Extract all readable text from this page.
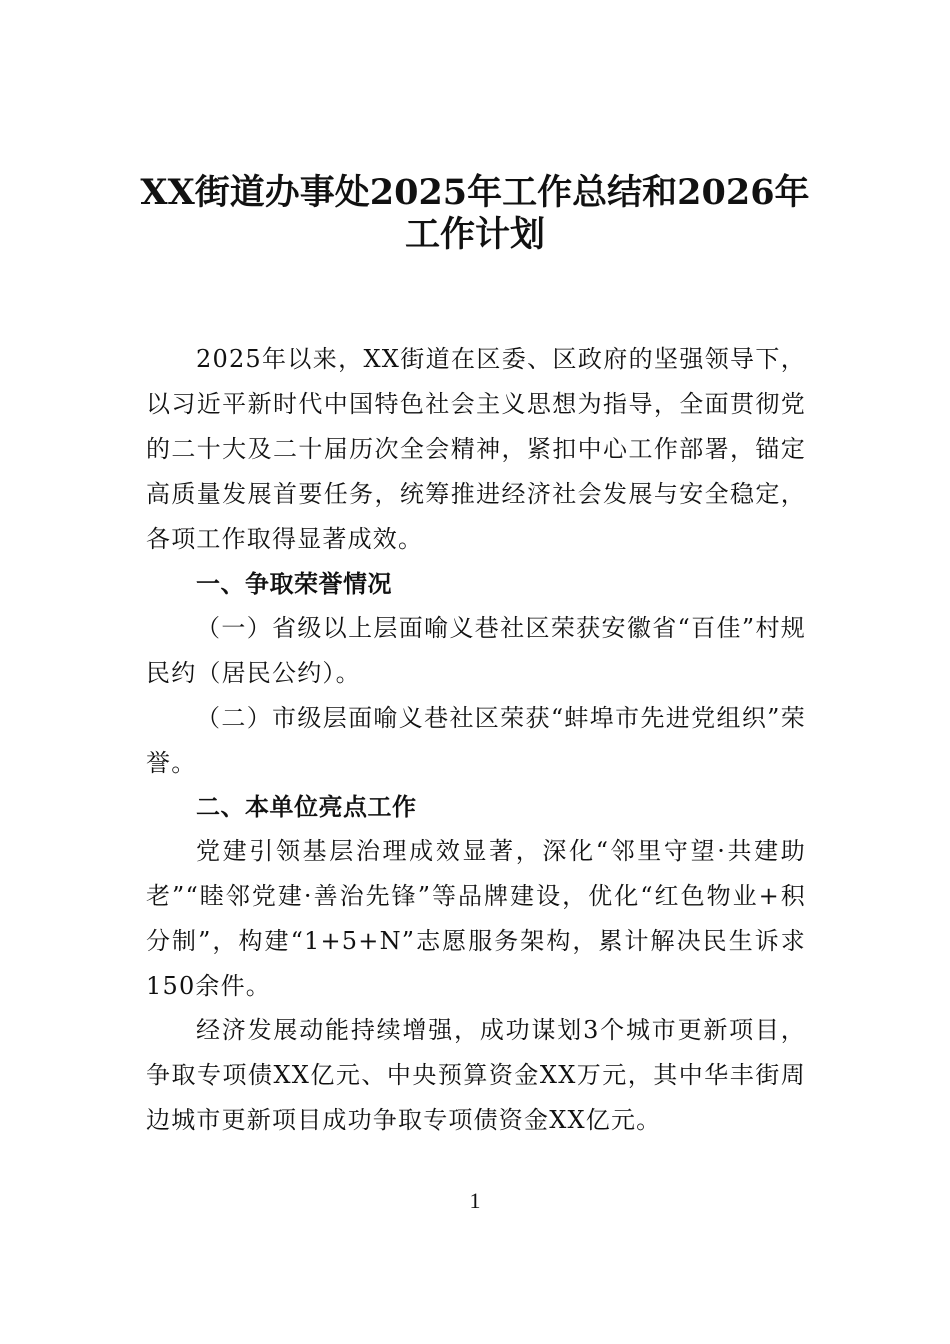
XX街道办事处2025年工作总结和2026年
工作计划

2025年以来，XX街道在区委、区政府的坚强领导下，以习近平新时代中国特色社会主义思想为指导，全面贯彻党的二十大及二十届历次全会精神，紧扣中心工作部署，锚定高质量发展首要任务，统筹推进经济社会发展与安全稳定，各项工作取得显著成效。

一、争取荣誉情况

（一）省级以上层面喻义巷社区荣获安徽省“百佳”村规民约（居民公约）。

（二）市级层面喻义巷社区荣获“蚌埠市先进党组织”荣誉。

二、本单位亮点工作

党建引领基层治理成效显著，深化“邻里守望·共建助老”“睦邻党建·善治先锋”等品牌建设，优化“红色物业+积分制”，构建“1+5+N”志愿服务架构，累计解决民生诉求150余件。

经济发展动能持续增强，成功谋划3个城市更新项目，争取专项债XX亿元、中央预算资金XX万元，其中华丰街周边城市更新项目成功争取专项债资金XX亿元。

1
